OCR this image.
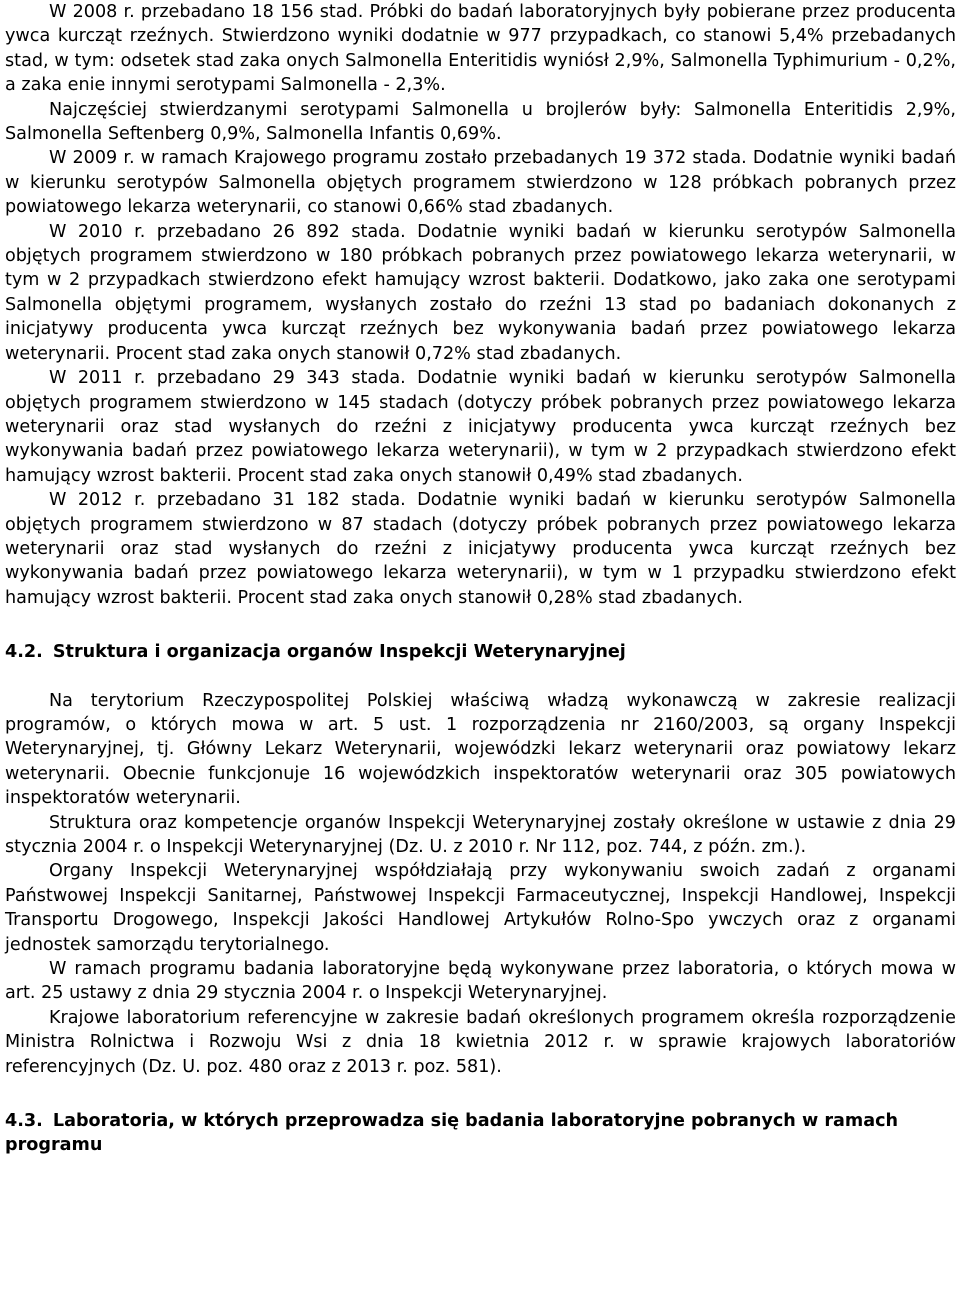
W 2008 r. przebadano 18 156 stad. Próbki do badań laboratoryjnych były pobierane przez producenta ywca kurcząt rzeźnych. Stwierdzono wyniki dodatnie w 977 przypadkach, co stanowi 5,4% przebadanych stad, w tym: odsetek stad zaka onych Salmonella Enteritidis wyniósł 2,9%, Salmonella Typhimurium - 0,2%, a zaka enie innymi serotypami Salmonella - 2,3%.

Najczęściej stwierdzanymi serotypami Salmonella u brojlerów były: Salmonella Enteritidis 2,9%, Salmonella Seftenberg 0,9%, Salmonella Infantis 0,69%.

W 2009 r. w ramach Krajowego programu zostało przebadanych 19 372 stada. Dodatnie wyniki badań w kierunku serotypów Salmonella objętych programem stwierdzono w 128 próbkach pobranych przez powiatowego lekarza weterynarii, co stanowi 0,66% stad zbadanych.

W 2010 r. przebadano 26 892 stada. Dodatnie wyniki badań w kierunku serotypów Salmonella objętych programem stwierdzono w 180 próbkach pobranych przez powiatowego lekarza weterynarii, w tym w 2 przypadkach stwierdzono efekt hamujący wzrost bakterii. Dodatkowo, jako zaka one serotypami Salmonella objętymi programem, wysłanych zostało do rzeźni 13 stad po badaniach dokonanych z inicjatywy producenta ywca kurcząt rzeźnych bez wykonywania badań przez powiatowego lekarza weterynarii. Procent stad zaka onych stanowił 0,72% stad zbadanych.

W 2011 r. przebadano 29 343 stada. Dodatnie wyniki badań w kierunku serotypów Salmonella objętych programem stwierdzono w 145 stadach (dotyczy próbek pobranych przez powiatowego lekarza weterynarii oraz stad wysłanych do rzeźni z inicjatywy producenta ywca kurcząt rzeźnych bez wykonywania badań przez powiatowego lekarza weterynarii), w tym w 2 przypadkach stwierdzono efekt hamujący wzrost bakterii. Procent stad zaka onych stanowił 0,49% stad zbadanych.

W 2012 r. przebadano 31 182 stada. Dodatnie wyniki badań w kierunku serotypów Salmonella objętych programem stwierdzono w 87 stadach (dotyczy próbek pobranych przez powiatowego lekarza weterynarii oraz stad wysłanych do rzeźni z inicjatywy producenta ywca kurcząt rzeźnych bez wykonywania badań przez powiatowego lekarza weterynarii), w tym w 1 przypadku stwierdzono efekt hamujący wzrost bakterii. Procent stad zaka onych stanowił 0,28% stad zbadanych.

4.2. Struktura i organizacja organów Inspekcji Weterynaryjnej

Na terytorium Rzeczypospolitej Polskiej właściwą władzą wykonawczą w zakresie realizacji programów, o których mowa w art. 5 ust. 1 rozporządzenia nr 2160/2003, są organy Inspekcji Weterynaryjnej, tj. Główny Lekarz Weterynarii, wojewódzki lekarz weterynarii oraz powiatowy lekarz weterynarii. Obecnie funkcjonuje 16 wojewódzkich inspektoratów weterynarii oraz 305 powiatowych inspektoratów weterynarii.

Struktura oraz kompetencje organów Inspekcji Weterynaryjnej zostały określone w ustawie z dnia 29 stycznia 2004 r. o Inspekcji Weterynaryjnej (Dz. U. z 2010 r. Nr 112, poz. 744, z późn. zm.).

Organy Inspekcji Weterynaryjnej współdziałają przy wykonywaniu swoich zadań z organami Państwowej Inspekcji Sanitarnej, Państwowej Inspekcji Farmaceutycznej, Inspekcji Handlowej, Inspekcji Transportu Drogowego, Inspekcji Jakości Handlowej Artykułów Rolno-Spo ywczych oraz z organami jednostek samorządu terytorialnego.

W ramach programu badania laboratoryjne będą wykonywane przez laboratoria, o których mowa w art. 25 ustawy z dnia 29 stycznia 2004 r. o Inspekcji Weterynaryjnej.

Krajowe laboratorium referencyjne w zakresie badań określonych programem określa rozporządzenie Ministra Rolnictwa i Rozwoju Wsi z dnia 18 kwietnia 2012 r. w sprawie krajowych laboratoriów referencyjnych (Dz. U. poz. 480 oraz z 2013 r. poz. 581).

4.3. Laboratoria, w których przeprowadza się badania laboratoryjne pobranych w ramach programu
